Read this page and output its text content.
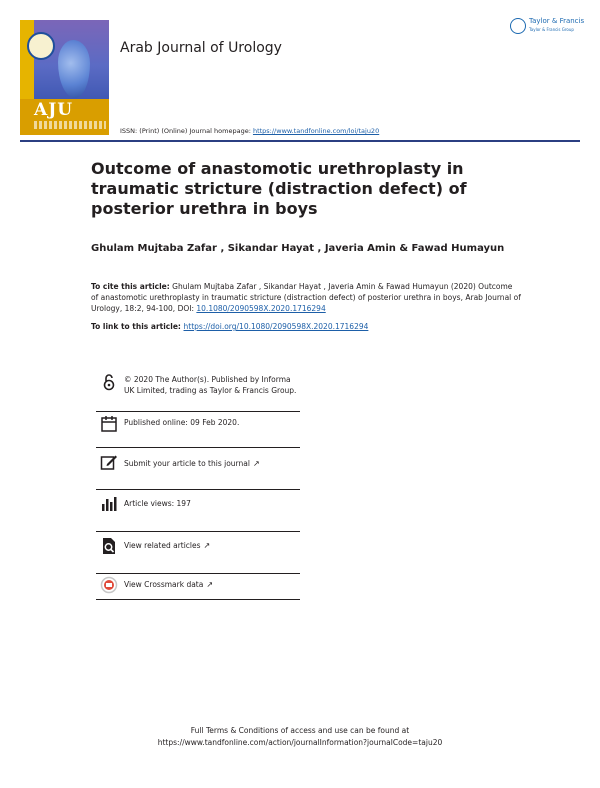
AJU
Arab Journal of Urology
Taylor & Francis
Taylor & Francis Group
ISSN: (Print) (Online) Journal homepage: https://www.tandfonline.com/loi/taju20
Outcome of anastomotic urethroplasty in traumatic stricture (distraction defect) of posterior urethra in boys
Ghulam Mujtaba Zafar , Sikandar Hayat , Javeria Amin & Fawad Humayun
To cite this article: Ghulam Mujtaba Zafar , Sikandar Hayat , Javeria Amin & Fawad Humayun (2020) Outcome of anastomotic urethroplasty in traumatic stricture (distraction defect) of posterior urethra in boys, Arab Journal of Urology, 18:2, 94-100, DOI: 10.1080/2090598X.2020.1716294
To link to this article: https://doi.org/10.1080/2090598X.2020.1716294
© 2020 The Author(s). Published by Informa UK Limited, trading as Taylor & Francis Group.
Published online: 09 Feb 2020.
Submit your article to this journal ↗
Article views: 197
View related articles ↗
View Crossmark data ↗
Full Terms & Conditions of access and use can be found at
https://www.tandfonline.com/action/journalInformation?journalCode=taju20
